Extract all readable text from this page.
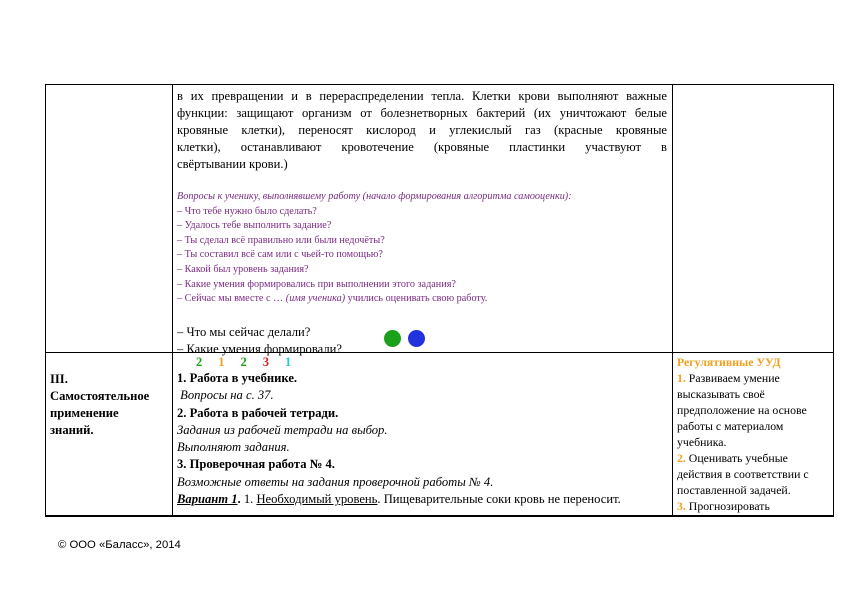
в их превращении и в перераспределении тепла. Клетки крови выполняют важные
функции: защищают организм от болезнетворных бактерий (их уничтожают белые
кровяные клетки), переносят кислород и углекислый газ (красные кровяные
клетки), останавливают кровотечение (кровяные пластинки участвуют в
свёртывании крови.)
Вопросы к ученику, выполнявшему работу (начало формирования алгоритма самооценки):
– Что тебе нужно было сделать?
– Удалось тебе выполнить задание?
– Ты сделал всё правильно или были недочёты?
– Ты составил всё сам или с чьей-то помощью?
– Какой был уровень задания?
– Какие умения формировались при выполнении этого задания?
– Сейчас мы вместе с … (имя ученика) учились оценивать свою работу.
– Что мы сейчас делали?
– Какие умения формировали?
III.
Самостоятельное
применение
знаний.
2 1 2 3 1
1. Работа в учебнике.
Вопросы на с. 37.
2. Работа в рабочей тетради.
Задания из рабочей тетради на выбор.
Выполняют задания.
3. Проверочная работа № 4.
Возможные ответы на задания проверочной работы № 4.
Вариант 1. 1. Необходимый уровень. Пищеварительные соки кровь не переносит.
Регулятивные УУД
1. Развиваем умение
высказывать своё
предположение на основе
работы с материалом
учебника.
2. Оценивать учебные
действия в соответствии с
поставленной задачей.
3. Прогнозировать
© ООО «Баласс», 2014
